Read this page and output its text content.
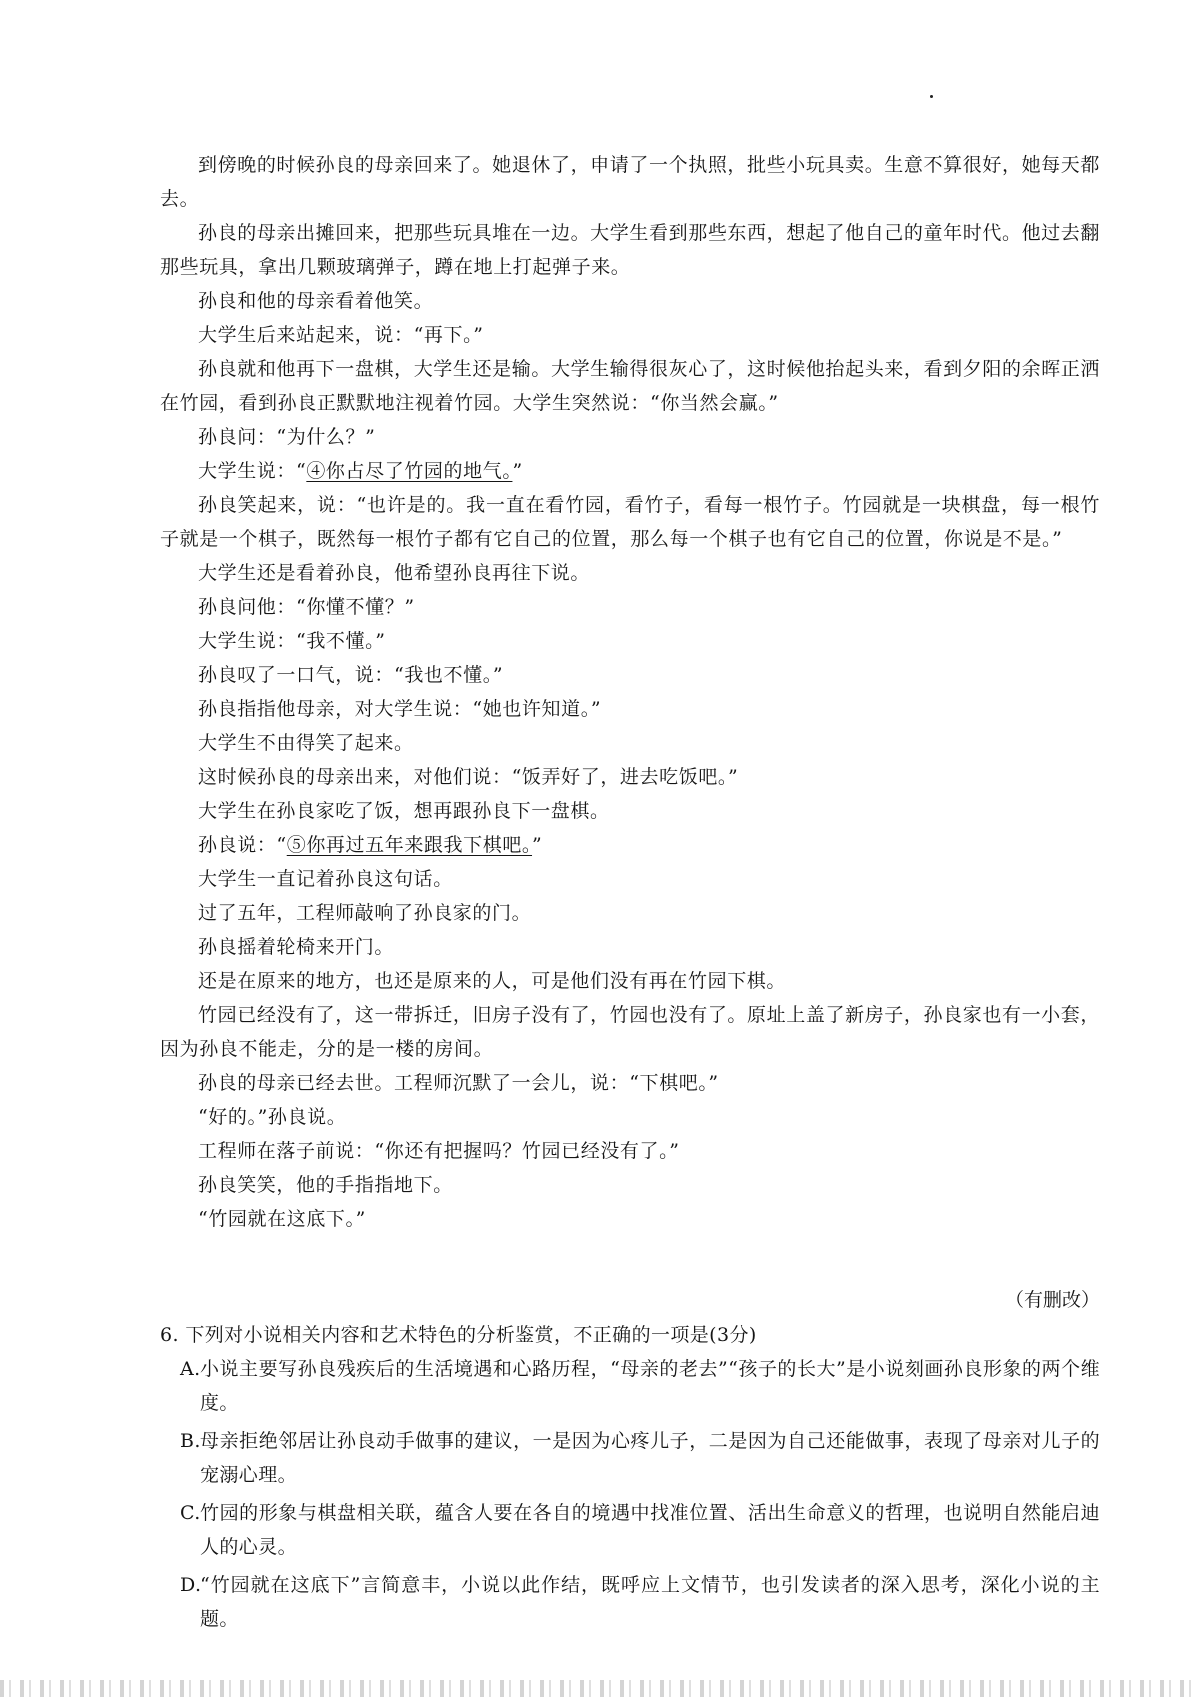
到傍晚的时候孙良的母亲回来了。她退休了，申请了一个执照，批些小玩具卖。生意不算很好，她每天都去。

孙良的母亲出摊回来，把那些玩具堆在一边。大学生看到那些东西，想起了他自己的童年时代。他过去翻那些玩具，拿出几颗玻璃弹子，蹲在地上打起弹子来。

孙良和他的母亲看着他笑。

大学生后来站起来，说：“再下。”

孙良就和他再下一盘棋，大学生还是输。大学生输得很灰心了，这时候他抬起头来，看到夕阳的余晖正洒在竹园，看到孙良正默默地注视着竹园。大学生突然说：“你当然会赢。”

孙良问：“为什么？”

大学生说：“④你占尽了竹园的地气。”

孙良笑起来，说：“也许是的。我一直在看竹园，看竹子，看每一根竹子。竹园就是一块棋盘，每一根竹子就是一个棋子，既然每一根竹子都有它自己的位置，那么每一个棋子也有它自己的位置，你说是不是。”

大学生还是看着孙良，他希望孙良再往下说。

孙良问他：“你懂不懂？”

大学生说：“我不懂。”

孙良叹了一口气，说：“我也不懂。”

孙良指指他母亲，对大学生说：“她也许知道。”

大学生不由得笑了起来。

这时候孙良的母亲出来，对他们说：“饭弄好了，进去吃饭吧。”

大学生在孙良家吃了饭，想再跟孙良下一盘棋。

孙良说：“⑤你再过五年来跟我下棋吧。”

大学生一直记着孙良这句话。

过了五年，工程师敲响了孙良家的门。

孙良摇着轮椅来开门。

还是在原来的地方，也还是原来的人，可是他们没有再在竹园下棋。

竹园已经没有了，这一带拆迁，旧房子没有了，竹园也没有了。原址上盖了新房子，孙良家也有一小套，因为孙良不能走，分的是一楼的房间。

孙良的母亲已经去世。工程师沉默了一会儿，说：“下棋吧。”

“好的。”孙良说。

工程师在落子前说：“你还有把握吗？竹园已经没有了。”

孙良笑笑，他的手指指地下。

“竹园就在这底下。”

（有删改）

6. 下列对小说相关内容和艺术特色的分析鉴赏，不正确的一项是(3分)

A. 小说主要写孙良残疾后的生活境遇和心路历程，“母亲的老去”“孩子的长大”是小说刻画孙良形象的两个维度。

B. 母亲拒绝邻居让孙良动手做事的建议，一是因为心疼儿子，二是因为自己还能做事，表现了母亲对儿子的宠溺心理。

C. 竹园的形象与棋盘相关联，蕴含人要在各自的境遇中找准位置、活出生命意义的哲理，也说明自然能启迪人的心灵。

D.
“竹园就在这底下”言简意丰，小说以此作结，既呼应上文情节，也引发读者的深入思考，深化小说的主题。
